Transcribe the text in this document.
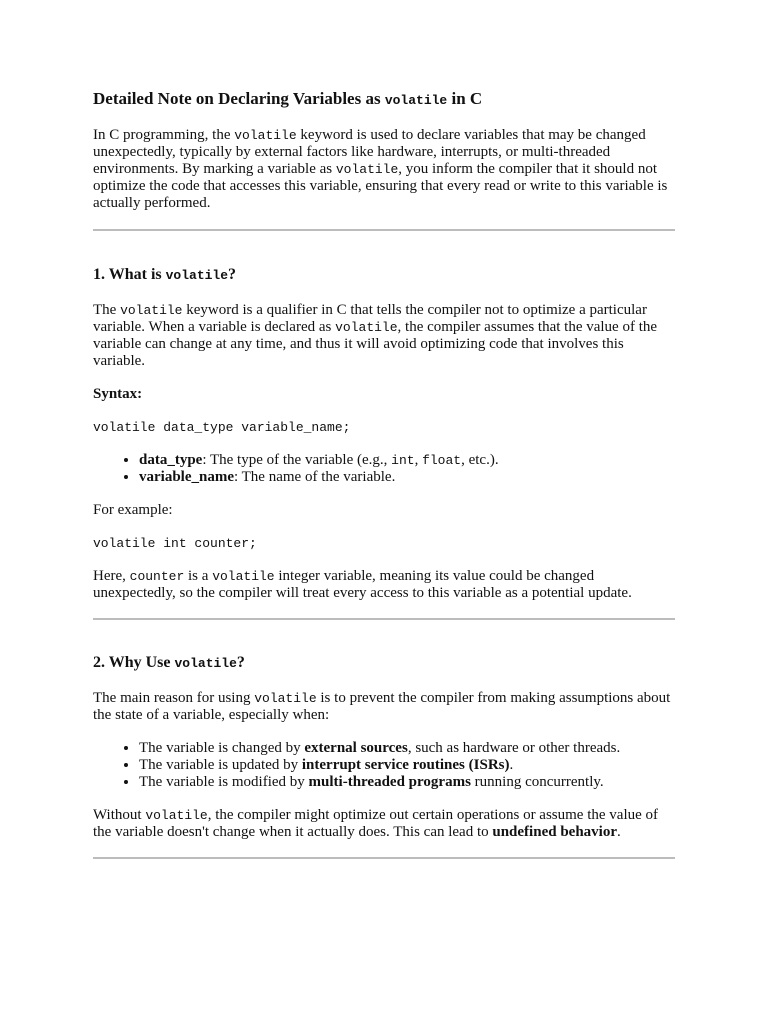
Detailed Note on Declaring Variables as volatile in C

In C programming, the volatile keyword is used to declare variables that may be changed unexpectedly, typically by external factors like hardware, interrupts, or multi-threaded environments. By marking a variable as volatile, you inform the compiler that it should not optimize the code that accesses this variable, ensuring that every read or write to this variable is actually performed.

1. What is volatile?

The volatile keyword is a qualifier in C that tells the compiler not to optimize a particular variable. When a variable is declared as volatile, the compiler assumes that the value of the variable can change at any time, and thus it will avoid optimizing code that involves this variable.

Syntax:

volatile data_type variable_name;
• data_type: The type of the variable (e.g., int, float, etc.).
• variable_name: The name of the variable.

For example:

volatile int counter;

Here, counter is a volatile integer variable, meaning its value could be changed unexpectedly, so the compiler will treat every access to this variable as a potential update.

2. Why Use volatile?

The main reason for using volatile is to prevent the compiler from making assumptions about the state of a variable, especially when:

• The variable is changed by external sources, such as hardware or other threads.
• The variable is updated by interrupt service routines (ISRs).
• The variable is modified by multi-threaded programs running concurrently.

Without volatile, the compiler might optimize out certain operations or assume the value of the variable doesn't change when it actually does. This can lead to undefined behavior.
